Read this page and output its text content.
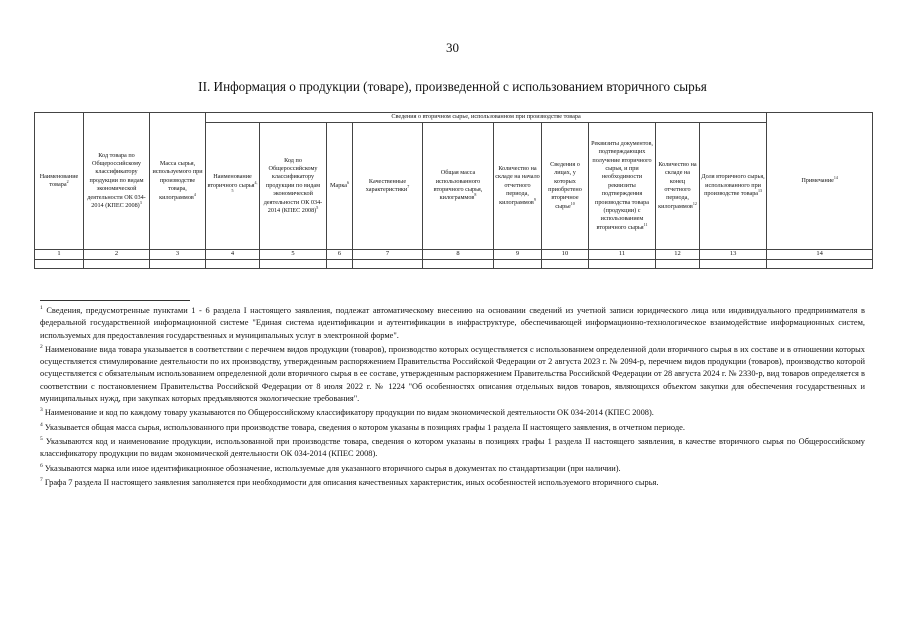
30
II. Информация о продукции (товаре), произведенной с использованием вторичного сырья
Наименование товара$^2$	Код товара по Общероссийскому классификатору продукции по видам экономической деятельности ОК 034-2014 (КПЕС 2008)$^3$	Масса сырья, используемого при производстве товара, килограммов$^4$	Сведения о вторичном сырье, использованном при производстве товара										Примечание$^{14}$
			Наименование вторичного сырья$^{4, 5}$	Код по Общероссийскому классификатору продукции по видам экономической деятельности ОК 034-2014 (КПЕС 2008)$^5$	Марка$^6$	Качественные характеристики$^7$	Общая масса использованного вторичного сырья, килограммов$^8$	Количество на складе на начало отчетного периода, килограммов$^9$	Сведения о лицах, у которых приобретено вторичное сырье$^{10}$	Реквизиты документов, подтверждающих получение вторичного сырья, и при необходимости реквизиты подтверждения производства товара (продукции) с использованием вторичного сырья$^{11}$	Количество на складе на конец отчетного периода, килограммов$^{12}$	Доля вторичного сырья, использованного при производстве товара$^{13}$
1	2	3	4	5	6	7	8	9	10	11	12	13	14

$^1$ Сведения, предусмотренные пунктами 1 - 6 раздела I настоящего заявления, подлежат автоматическому внесению на основании сведений из учетной записи юридического лица или индивидуального предпринимателя в федеральной государственной информационной системе "Единая система идентификации и аутентификации в инфраструктуре, обеспечивающей информационно-технологическое взаимодействие информационных систем, используемых для предоставления государственных и муниципальных услуг в электронной форме".
$^2$ Наименование вида товара указывается в соответствии с перечнем видов продукции (товаров), производство которых осуществляется с использованием определенной доли вторичного сырья в их составе и в отношении которых осуществляется стимулирование деятельности по их производству, утвержденным распоряжением Правительства Российской Федерации от 2 августа 2023 г. № 2094-р, перечнем видов продукции (товаров), производство которой осуществляется с обязательным использованием определенной доли вторичного сырья в ее составе, утвержденным распоряжением Правительства Российской Федерации от 28 августа 2024 г. № 2330-р, вид товаров определяется в соответствии с постановлением Правительства Российской Федерации от 8 июля 2022 г. № 1224 "Об особенностях описания отдельных видов товаров, являющихся объектом закупки для обеспечения государственных и муниципальных нужд, при закупках которых предъявляются экологические требования".
$^3$ Наименование и код по каждому товару указываются по Общероссийскому классификатору продукции по видам экономической деятельности ОК 034-2014 (КПЕС 2008).
$^4$ Указывается общая масса сырья, использованного при производстве товара, сведения о котором указаны в позициях графы 1 раздела II настоящего заявления, в отчетном периоде.
$^5$ Указываются код и наименование продукции, использованной при производстве товара, сведения о котором указаны в позициях графы 1 раздела II настоящего заявления, в качестве вторичного сырья по Общероссийскому классификатору продукции по видам экономической деятельности ОК 034-2014 (КПЕС 2008).
$^6$ Указываются марка или иное идентификационное обозначение, используемые для указанного вторичного сырья в документах по стандартизации (при наличии).
$^7$ Графа 7 раздела II настоящего заявления заполняется при необходимости для описания качественных характеристик, иных особенностей используемого вторичного сырья.
